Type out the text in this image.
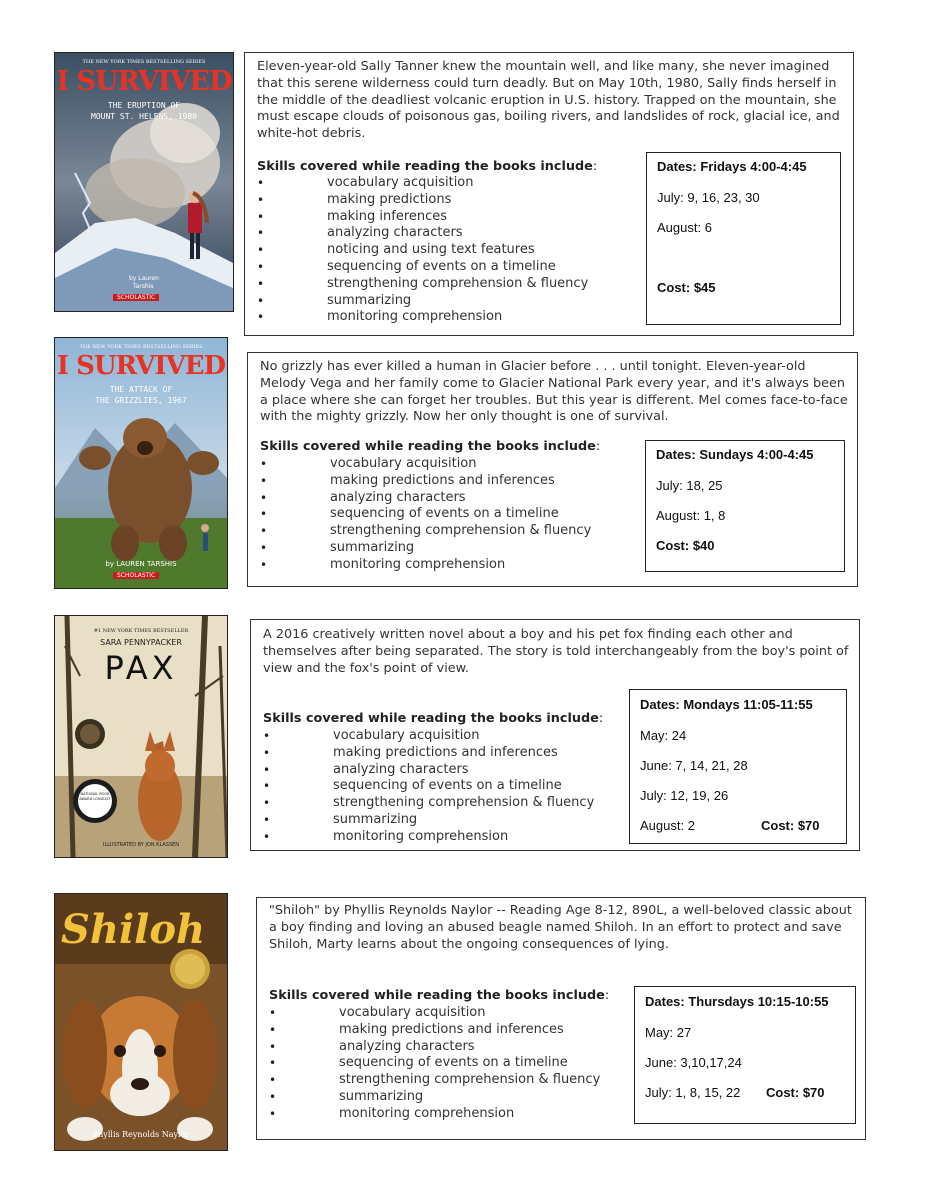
THE NEW YORK TIMES BESTSELLING SERIES
I SURVIVED
THE ERUPTION OF
MOUNT ST. HELENS, 1980
by Lauren
Tarshis
SCHOLASTIC

Eleven-year-old Sally Tanner knew the mountain well, and like many, she never imagined that this serene wilderness could turn deadly. But on May 10th, 1980, Sally finds herself in the middle of the deadliest volcanic eruption in U.S. history. Trapped on the mountain, she must escape clouds of poisonous gas, boiling rivers, and landslides of rock, glacial ice, and white-hot debris.

Skills covered while reading the books include:
• vocabulary acquisition
• making predictions
• making inferences
• analyzing characters
• noticing and using text features
• sequencing of events on a timeline
• strengthening comprehension & fluency
• summarizing
• monitoring comprehension
Dates: Fridays 4:00-4:45
July: 9, 16, 23, 30
August: 6
Cost: $45
THE NEW YORK TIMES BESTSELLING SERIES
I SURVIVED
THE ATTACK OF
THE GRIZZLIES, 1967
by LAUREN TARSHIS
SCHOLASTIC

No grizzly has ever killed a human in Glacier before . . . until tonight. Eleven-year-old Melody Vega and her family come to Glacier National Park every year, and it's always been a place where she can forget her troubles. But this year is different. Mel comes face-to-face with the mighty grizzly. Now her only thought is one of survival.

Skills covered while reading the books include:
• vocabulary acquisition
• making predictions and inferences
• analyzing characters
• sequencing of events on a timeline
• strengthening comprehension & fluency
• summarizing
• monitoring comprehension
Dates: Sundays 4:00-4:45
July: 18, 25
August: 1, 8
Cost: $40
#1 NEW YORK TIMES BESTSELLER
SARA PENNYPACKER
PAX
NATIONAL BOOK AWARD LONGLIST
ILLUSTRATED BY JON KLASSEN

A 2016 creatively written novel about a boy and his pet fox finding each other and themselves after being separated. The story is told interchangeably from the boy's point of view and the fox's point of view.

Skills covered while reading the books include:
• vocabulary acquisition
• making predictions and inferences
• analyzing characters
• sequencing of events on a timeline
• strengthening comprehension & fluency
• summarizing
• monitoring comprehension
Dates: Mondays 11:05-11:55
May: 24
June: 7, 14, 21, 28
July: 12, 19, 26
August: 2	Cost: $70
Shiloh
Phyllis Reynolds Naylor

"Shiloh" by Phyllis Reynolds Naylor -- Reading Age 8-12, 890L, a well-beloved classic about a boy finding and loving an abused beagle named Shiloh. In an effort to protect and save Shiloh, Marty learns about the ongoing consequences of lying.

Skills covered while reading the books include:
• vocabulary acquisition
• making predictions and inferences
• analyzing characters
• sequencing of events on a timeline
• strengthening comprehension & fluency
• summarizing
• monitoring comprehension
Dates: Thursdays 10:15-10:55
May: 27
June: 3,10,17,24
July: 1, 8, 15, 22 Cost: $70
